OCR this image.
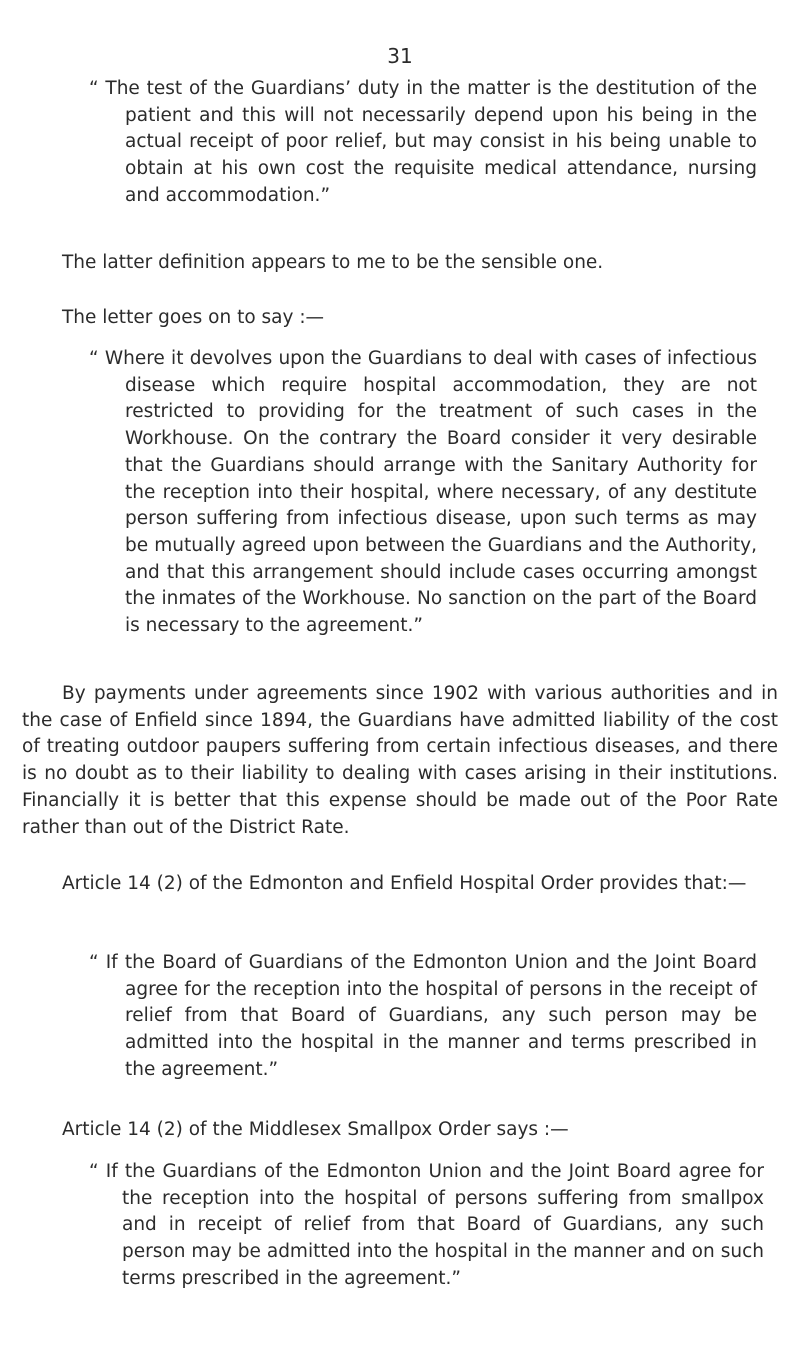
31

“ The test of the Guardians’ duty in the matter is the destitution of the patient and this will not necessarily depend upon his being in the actual receipt of poor relief, but may consist in his being unable to obtain at his own cost the requisite medical attendance, nursing and accommodation.”

The latter definition appears to me to be the sensible one.

The letter goes on to say :—

“ Where it devolves upon the Guardians to deal with cases of infectious disease which require hospital accommodation, they are not restricted to providing for the treatment of such cases in the Workhouse. On the contrary the Board consider it very desirable that the Guardians should arrange with the Sanitary Authority for the reception into their hospital, where necessary, of any destitute person suffering from infectious disease, upon such terms as may be mutually agreed upon between the Guardians and the Authority, and that this arrangement should include cases occurring amongst the inmates of the Workhouse. No sanction on the part of the Board is necessary to the agreement.”

By payments under agreements since 1902 with various authorities and in the case of Enfield since 1894, the Guardians have admitted liability of the cost of treating outdoor paupers suffering from certain infectious diseases, and there is no doubt as to their liability to dealing with cases arising in their institutions. Financially it is better that this expense should be made out of the Poor Rate rather than out of the District Rate.

Article 14 (2) of the Edmonton and Enfield Hospital Order provides that:—

“ If the Board of Guardians of the Edmonton Union and the Joint Board agree for the reception into the hospital of persons in the receipt of relief from that Board of Guardians, any such person may be admitted into the hospital in the manner and terms prescribed in the agreement.”

Article 14 (2) of the Middlesex Smallpox Order says :—

“ If the Guardians of the Edmonton Union and the Joint Board agree for the reception into the hospital of persons suffering from smallpox and in receipt of relief from that Board of Guardians, any such person may be admitted into the hospital in the manner and on such terms prescribed in the agreement.”
